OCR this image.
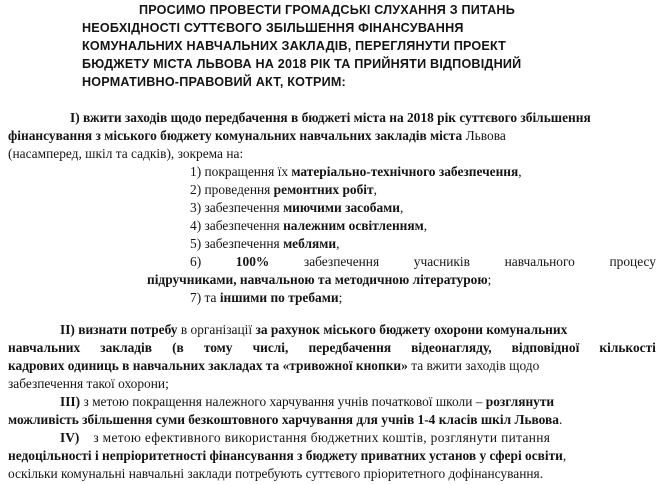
ПРОСИМО ПРОВЕСТИ ГРОМАДСЬКІ СЛУХАННЯ З ПИТАНЬ
НЕОБХІДНОСТІ СУТТЄВОГО ЗБІЛЬШЕННЯ ФІНАНСУВАННЯ
КОМУНАЛЬНИХ НАВЧАЛЬНИХ ЗАКЛАДІВ, ПЕРЕГЛЯНУТИ ПРОЕКТ
БЮДЖЕТУ МІСТА ЛЬВОВА НА 2018 РІК ТА ПРИЙНЯТИ ВІДПОВІДНИЙ
НОРМАТИВНО-ПРАВОВИЙ АКТ, КОТРИМ:
І) вжити заходів щодо передбачення в бюджеті міста на 2018 рік суттєвого збільшення
фінансування з міського бюджету комунальних навчальних закладів міста Львова
(насамперед, шкіл та садків), зокрема на:
1) покращення їх матеріально-технічного забезпечення,
2) проведення ремонтних робіт,
3) забезпечення миючими засобами,
4) забезпечення належним освітленням,
5) забезпечення меблями,
6)	100%	забезпечення	учасників	навчального	процесу
підручниками, навчальною та методичною літературою;
7) та іншими по требами;
ІІ) визнати потребу в організації за рахунок міського бюджету охорони комунальних
навчальних закладів (в тому числі, передбачення відеонагляду, відповідної кількості
кадрових одиниць в навчальних закладах та «тривожної кнопки» та вжити заходів щодо
забезпечення такої охорони;
ІІІ) з метою покращення належного харчування учнів початкової школи – розглянути
можливість збільшення суми безкоштовного харчування для учнів 1-4 класів шкіл Львова.
IV) з метою ефективного використання бюджетних коштів, розглянути питання
недоцільності і непріоритетності фінансування з бюджету приватних установ у сфері освіти,
оскільки комунальні навчальні заклади потребують суттєвого пріоритетного дофінансування.
